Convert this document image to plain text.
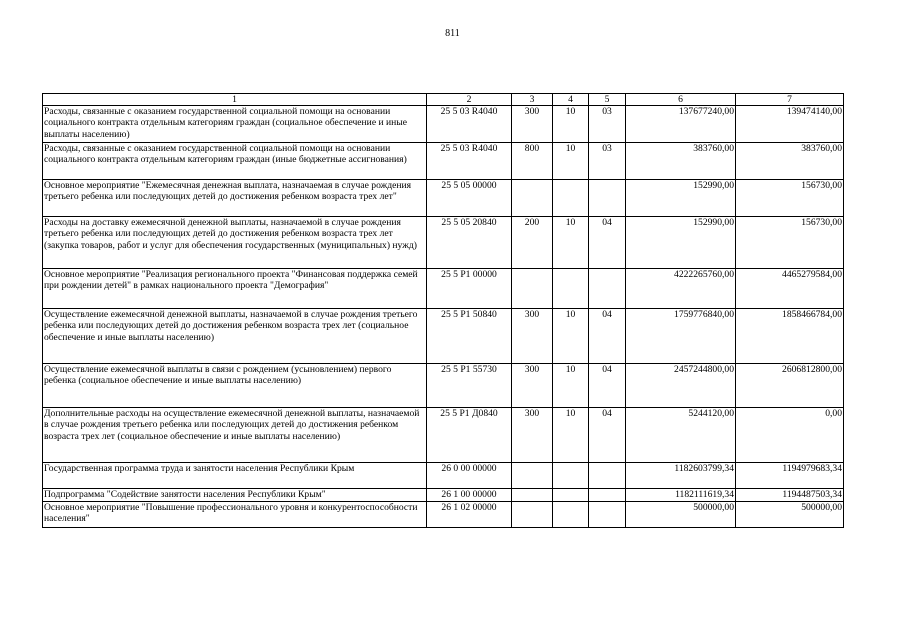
811
1	2	3	4	5	6	7
Расходы, связанные с оказанием государственной социальной помощи на основании социального контракта отдельным категориям граждан (социальное обеспечение и иные выплаты населению)	25 5 03 R4040	300	10	03	137677240,00	139474140,00
Расходы, связанные с оказанием государственной социальной помощи на основании социального контракта отдельным категориям граждан (иные бюджетные ассигнования)	25 5 03 R4040	800	10	03	383760,00	383760,00
Основное мероприятие "Ежемесячная денежная выплата, назначаемая в случае рождения третьего ребенка или последующих детей до достижения ребенком возраста трех лет"	25 5 05 00000				152990,00	156730,00
Расходы на доставку ежемесячной денежной выплаты, назначаемой в случае рождения третьего ребенка или последующих детей до достижения ребенком возраста трех лет (закупка товаров, работ и услуг для обеспечения государственных (муниципальных) нужд)	25 5 05 20840	200	10	04	152990,00	156730,00
Основное мероприятие "Реализация регионального проекта "Финансовая поддержка семей при рождении детей" в рамках национального проекта "Демография"	25 5 P1 00000				4222265760,00	4465279584,00
Осуществление ежемесячной денежной выплаты, назначаемой в случае рождения третьего ребенка или последующих детей до достижения ребенком возраста трех лет (социальное обеспечение и иные выплаты населению)	25 5 P1 50840	300	10	04	1759776840,00	1858466784,00
Осуществление ежемесячной выплаты в связи с рождением (усыновлением) первого ребенка (социальное обеспечение и иные выплаты населению)	25 5 P1 55730	300	10	04	2457244800,00	2606812800,00
Дополнительные расходы на осуществление ежемесячной денежной выплаты, назначаемой в случае рождения третьего ребенка или последующих детей до достижения ребенком возраста трех лет (социальное обеспечение и иные выплаты населению)	25 5 P1 Д0840	300	10	04	5244120,00	0,00
Государственная программа труда и занятости населения Республики Крым	26 0 00 00000				1182603799,34	1194979683,34
Подпрограмма "Содействие занятости населения Республики Крым"	26 1 00 00000				1182111619,34	1194487503,34
Основное мероприятие "Повышение профессионального уровня и конкурентоспособности населения"	26 1 02 00000				500000,00	500000,00
